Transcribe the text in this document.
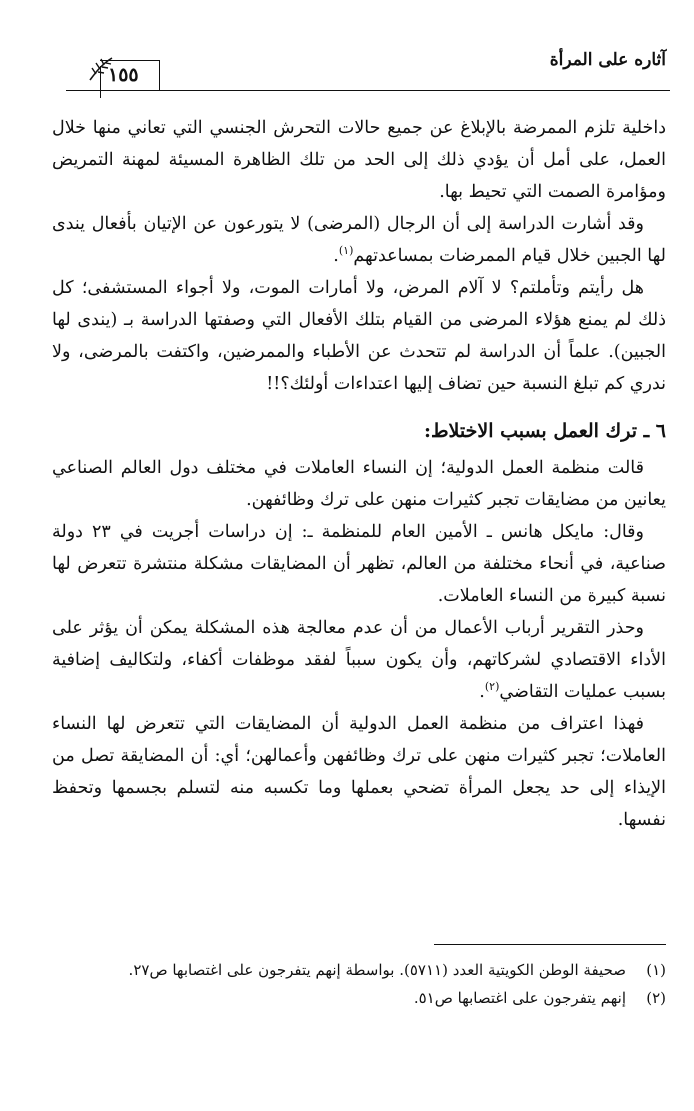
آثاره على المرأة
١٥٥

داخلية تلزم الممرضة بالإبلاغ عن جميع حالات التحرش الجنسي التي تعاني منها خلال العمل، على أمل أن يؤدي ذلك إلى الحد من تلك الظاهرة المسيئة لمهنة التمريض ومؤامرة الصمت التي تحيط بها.

وقد أشارت الدراسة إلى أن الرجال (المرضى) لا يتورعون عن الإتيان بأفعال يندى لها الجبين خلال قيام الممرضات بمساعدتهم$^{(١)}$.

هل رأيتم وتأملتم؟ لا آلام المرض، ولا أمارات الموت، ولا أجواء المستشفى؛ كل ذلك لم يمنع هؤلاء المرضى من القيام بتلك الأفعال التي وصفتها الدراسة بـ (يندى لها الجبين). علماً أن الدراسة لم تتحدث عن الأطباء والممرضين، واكتفت بالمرضى، ولا ندري كم تبلغ النسبة حين تضاف إليها اعتداءات أولئك؟!!

٦ ـ ترك العمل بسبب الاختلاط:

قالت منظمة العمل الدولية؛ إن النساء العاملات في مختلف دول العالم الصناعي يعانين من مضايقات تجبر كثيرات منهن على ترك وظائفهن.

وقال: مايكل هانس ـ الأمين العام للمنظمة ـ: إن دراسات أجريت في ٢٣ دولة صناعية، في أنحاء مختلفة من العالم، تظهر أن المضايقات مشكلة منتشرة تتعرض لها نسبة كبيرة من النساء العاملات.

وحذر التقرير أرباب الأعمال من أن عدم معالجة هذه المشكلة يمكن أن يؤثر على الأداء الاقتصادي لشركاتهم، وأن يكون سبباً لفقد موظفات أكفاء، ولتكاليف إضافية بسبب عمليات التقاضي$^{(٢)}$.

فهذا اعتراف من منظمة العمل الدولية أن المضايقات التي تتعرض لها النساء العاملات؛ تجبر كثيرات منهن على ترك وظائفهن وأعمالهن؛ أي: أن المضايقة تصل من الإيذاء إلى حد يجعل المرأة تضحي بعملها وما تكسبه منه لتسلم بجسمها وتحفظ نفسها.

(١)
صحيفة الوطن الكويتية العدد (٥٧١١). بواسطة إنهم يتفرجون على اغتصابها ص٢٧.
(٢)
إنهم يتفرجون على اغتصابها ص٥١.
